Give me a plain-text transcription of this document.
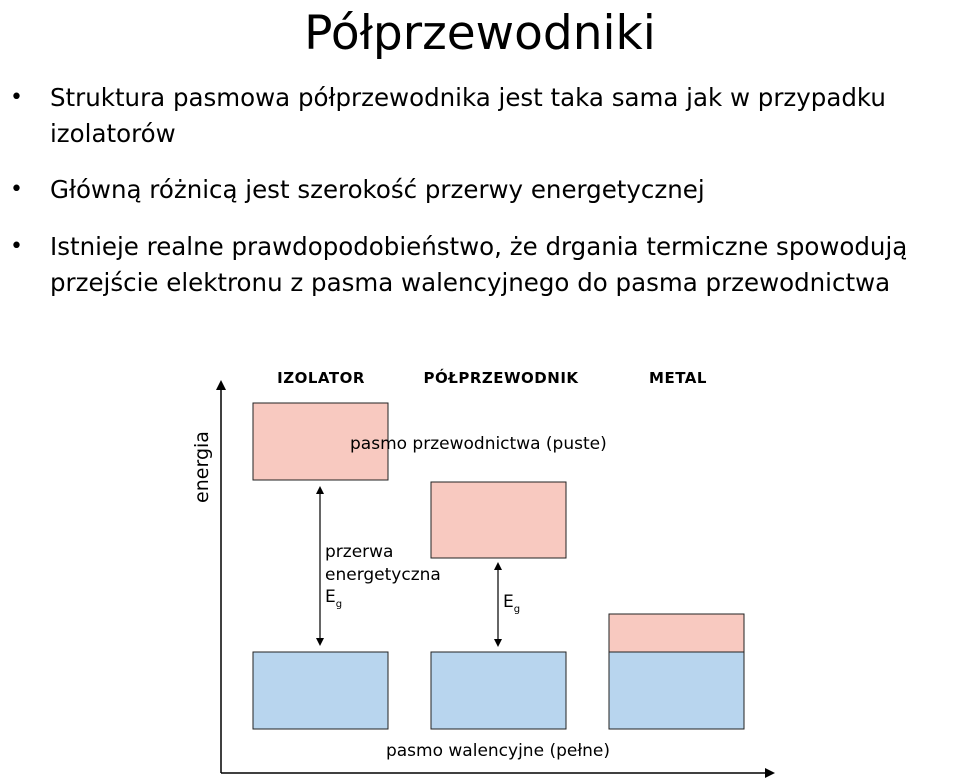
Półprzewodniki
• Struktura pasmowa półprzewodnika jest taka sama jak w przypadku izolatorów
• Główną różnicą jest szerokość przerwy energetycznej
• Istnieje realne prawdopodobieństwo, że drgania termiczne spowodują przejście elektronu z pasma walencyjnego do pasma przewodnictwa
IZOLATOR	PÓŁPRZEWODNIK	METAL
energia	pasmo przewodnictwa (puste)
przerwa
energetyczna
$E_g$	$E_g$
pasmo walencyjne (pełne)
